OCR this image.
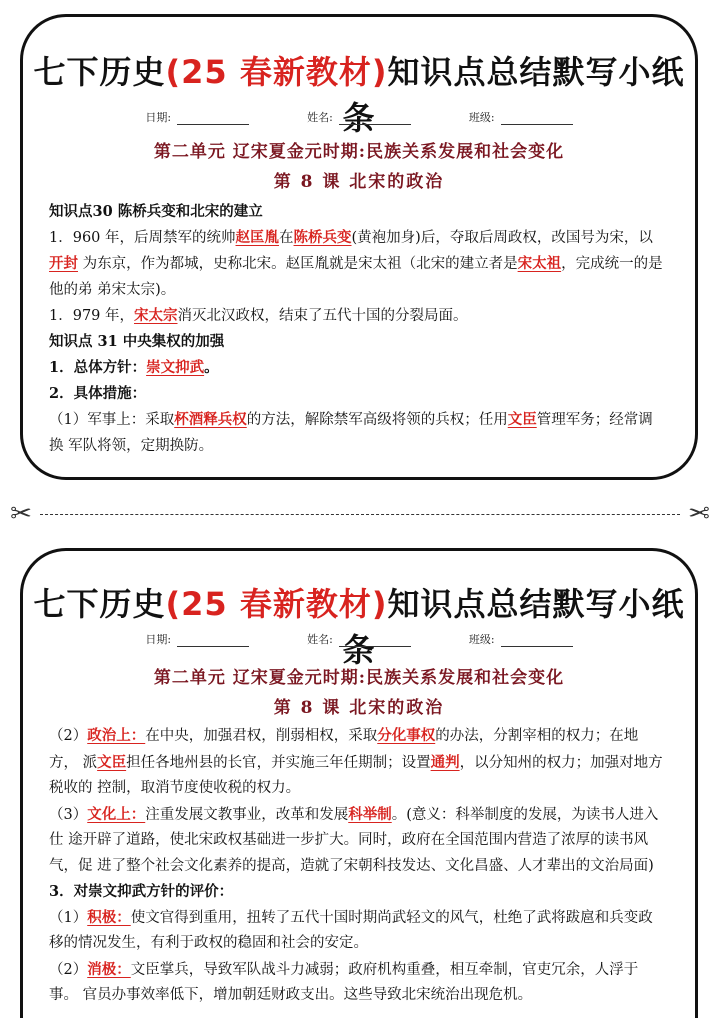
七下历史(25 春新教材)知识点总结默写小纸条
日期:	姓名:	班级:
第二单元 辽宋夏金元时期:民族关系发展和社会变化
第 8 课 北宋的政治

知识点30 陈桥兵变和北宋的建立

1．960 年，后周禁军的统帅赵匡胤在陈桥兵变(黄袍加身)后，夺取后周政权，改国号为宋，以开封 为东京，作为都城，史称北宋。赵匡胤就是宋太祖（北宋的建立者是宋太祖，完成统一的是他的弟 弟宋太宗)。

1．979 年，宋太宗消灭北汉政权，结束了五代十国的分裂局面。

知识点 31 中央集权的加强

1．总体方针：崇文抑武。

2．具体措施：

（1）军事上：采取杯酒释兵权的方法，解除禁军高级将领的兵权；任用文臣管理军务；经常调换 军队将领，定期换防。

✂	✂
七下历史(25 春新教材)知识点总结默写小纸条
日期:	姓名:	班级:
第二单元 辽宋夏金元时期:民族关系发展和社会变化
第 8 课 北宋的政治

（2）政治上：在中央，加强君权，削弱相权，采取分化事权的办法，分割宰相的权力；在地方， 派文臣担任各地州县的长官，并实施三年任期制；设置通判，以分知州的权力；加强对地方税收的 控制，取消节度使收税的权力。

（3）文化上：注重发展文教事业，改革和发展科举制。(意义：科举制度的发展，为读书人进入仕 途开辟了道路，使北宋政权基础进一步扩大。同时，政府在全国范围内营造了浓厚的读书风气，促 进了整个社会文化素养的提高，造就了宋朝科技发达、文化昌盛、人才辈出的文治局面)

3．对崇文抑武方针的评价：

（1）积极：使文官得到重用，扭转了五代十国时期尚武轻文的风气，杜绝了武将跋扈和兵变政移的情况发生，有利于政权的稳固和社会的安定。

（2）消极：文臣掌兵，导致军队战斗力减弱；政府机构重叠，相互牵制，官吏冗余，人浮于事。 官员办事效率低下，增加朝廷财政支出。这些导致北宋统治出现危机。
